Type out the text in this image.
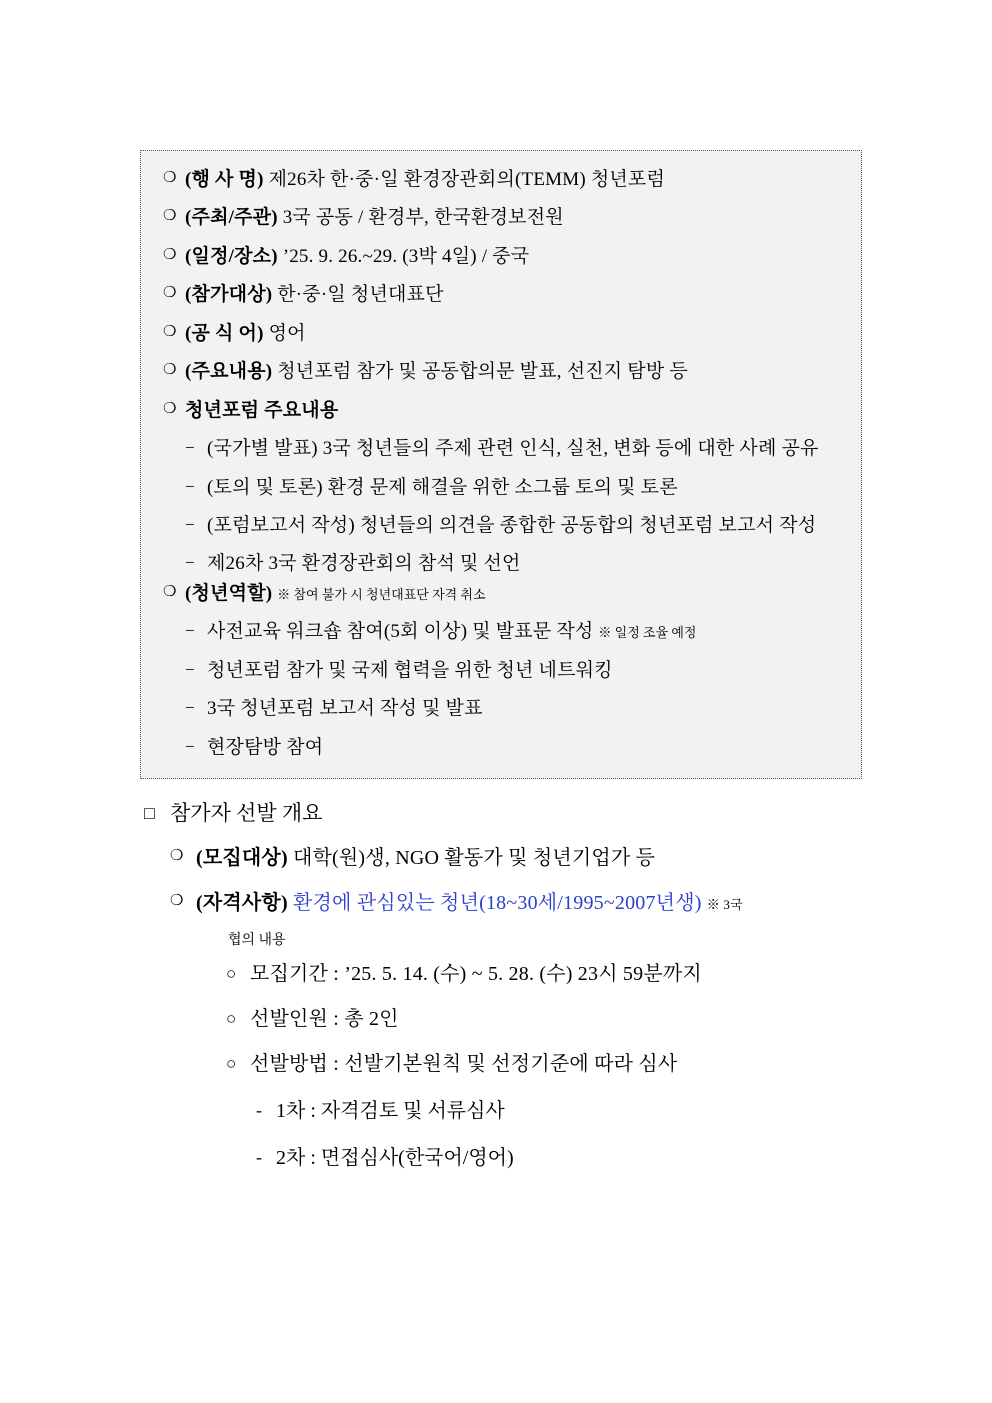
❍ (행 사 명) 제26차 한·중·일 환경장관회의(TEMM) 청년포럼
❍ (주최/주관) 3국 공동 / 환경부, 한국환경보전원
❍ (일정/장소) ’25. 9. 26.~29. (3박 4일) / 중국
❍ (참가대상) 한·중·일 청년대표단
❍ (공 식 어) 영어
❍ (주요내용) 청년포럼 참가 및 공동합의문 발표, 선진지 탐방 등
❍ 청년포럼 주요내용
− (국가별 발표) 3국 청년들의 주제 관련 인식, 실천, 변화 등에 대한 사례 공유
− (토의 및 토론) 환경 문제 해결을 위한 소그룹 토의 및 토론
− (포럼보고서 작성) 청년들의 의견을 종합한 공동합의 청년포럼 보고서 작성
− 제26차 3국 환경장관회의 참석 및 선언
❍ (청년역할) ※ 참여 불가 시 청년대표단 자격 취소
− 사전교육 워크숍 참여(5회 이상) 및 발표문 작성 ※ 일정 조율 예정
− 청년포럼 참가 및 국제 협력을 위한 청년 네트워킹
− 3국 청년포럼 보고서 작성 및 발표
− 현장탐방 참여
□ 참가자 선발 개요
❍ (모집대상) 대학(원)생, NGO 활동가 및 청년기업가 등
❍ (자격사항) 환경에 관심있는 청년(18~30세/1995~2007년생) ※ 3국
협의 내용
○ 모집기간 : ’25. 5. 14. (수) ~ 5. 28. (수) 23시 59분까지
○ 선발인원 : 총 2인
○ 선발방법 : 선발기본원칙 및 선정기준에 따라 심사
- 1차 : 자격검토 및 서류심사
- 2차 : 면접심사(한국어/영어)
